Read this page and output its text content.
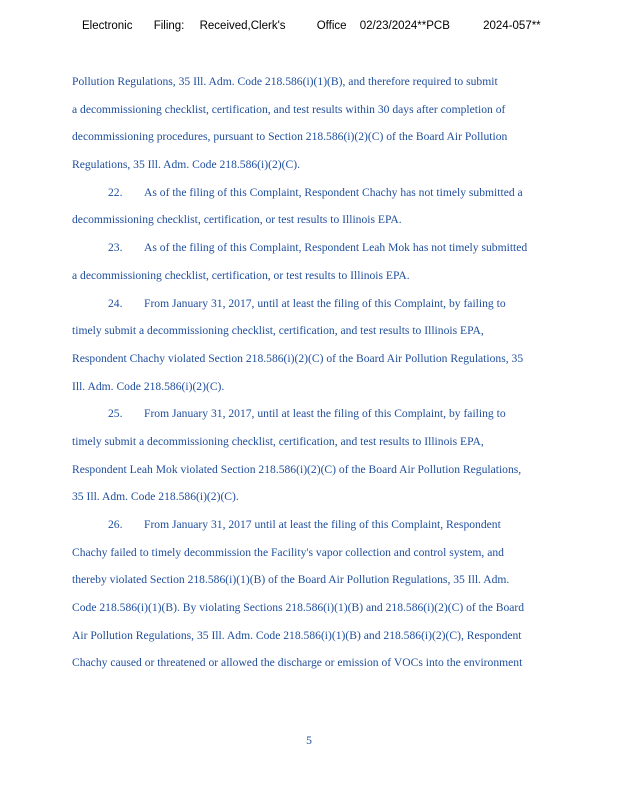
Electronic Filing: Received,Clerk's	Office 02/23/2024**PCB	2024-057**
Pollution Regulations, 35 Ill. Adm. Code 218.586(i)(1)(B), and therefore required to submit
a decommissioning checklist, certification, and test results within 30 days after completion of
decommissioning procedures, pursuant to Section 218.586(i)(2)(C) of the Board Air Pollution
Regulations, 35 Ill. Adm. Code 218.586(i)(2)(C).
22. As of the filing of this Complaint, Respondent Chachy has not timely submitted a
decommissioning checklist, certification, or test results to Illinois EPA.
23. As of the filing of this Complaint, Respondent Leah Mok has not timely submitted
a decommissioning checklist, certification, or test results to Illinois EPA.
24. From January 31, 2017, until at least the filing of this Complaint, by failing to
timely submit a decommissioning checklist, certification, and test results to Illinois EPA,
Respondent Chachy violated Section 218.586(i)(2)(C) of the Board Air Pollution Regulations, 35
Ill. Adm. Code 218.586(i)(2)(C).
25. From January 31, 2017, until at least the filing of this Complaint, by failing to
timely submit a decommissioning checklist, certification, and test results to Illinois EPA,
Respondent Leah Mok violated Section 218.586(i)(2)(C) of the Board Air Pollution Regulations,
35 Ill. Adm. Code 218.586(i)(2)(C).
26. From January 31, 2017 until at least the filing of this Complaint, Respondent
Chachy failed to timely decommission the Facility's vapor collection and control system, and
thereby violated Section 218.586(i)(1)(B) of the Board Air Pollution Regulations, 35 Ill. Adm.
Code 218.586(i)(1)(B). By violating Sections 218.586(i)(1)(B) and 218.586(i)(2)(C) of the Board
Air Pollution Regulations, 35 Ill. Adm. Code 218.586(i)(1)(B) and 218.586(i)(2)(C), Respondent
Chachy caused or threatened or allowed the discharge or emission of VOCs into the environment
5
